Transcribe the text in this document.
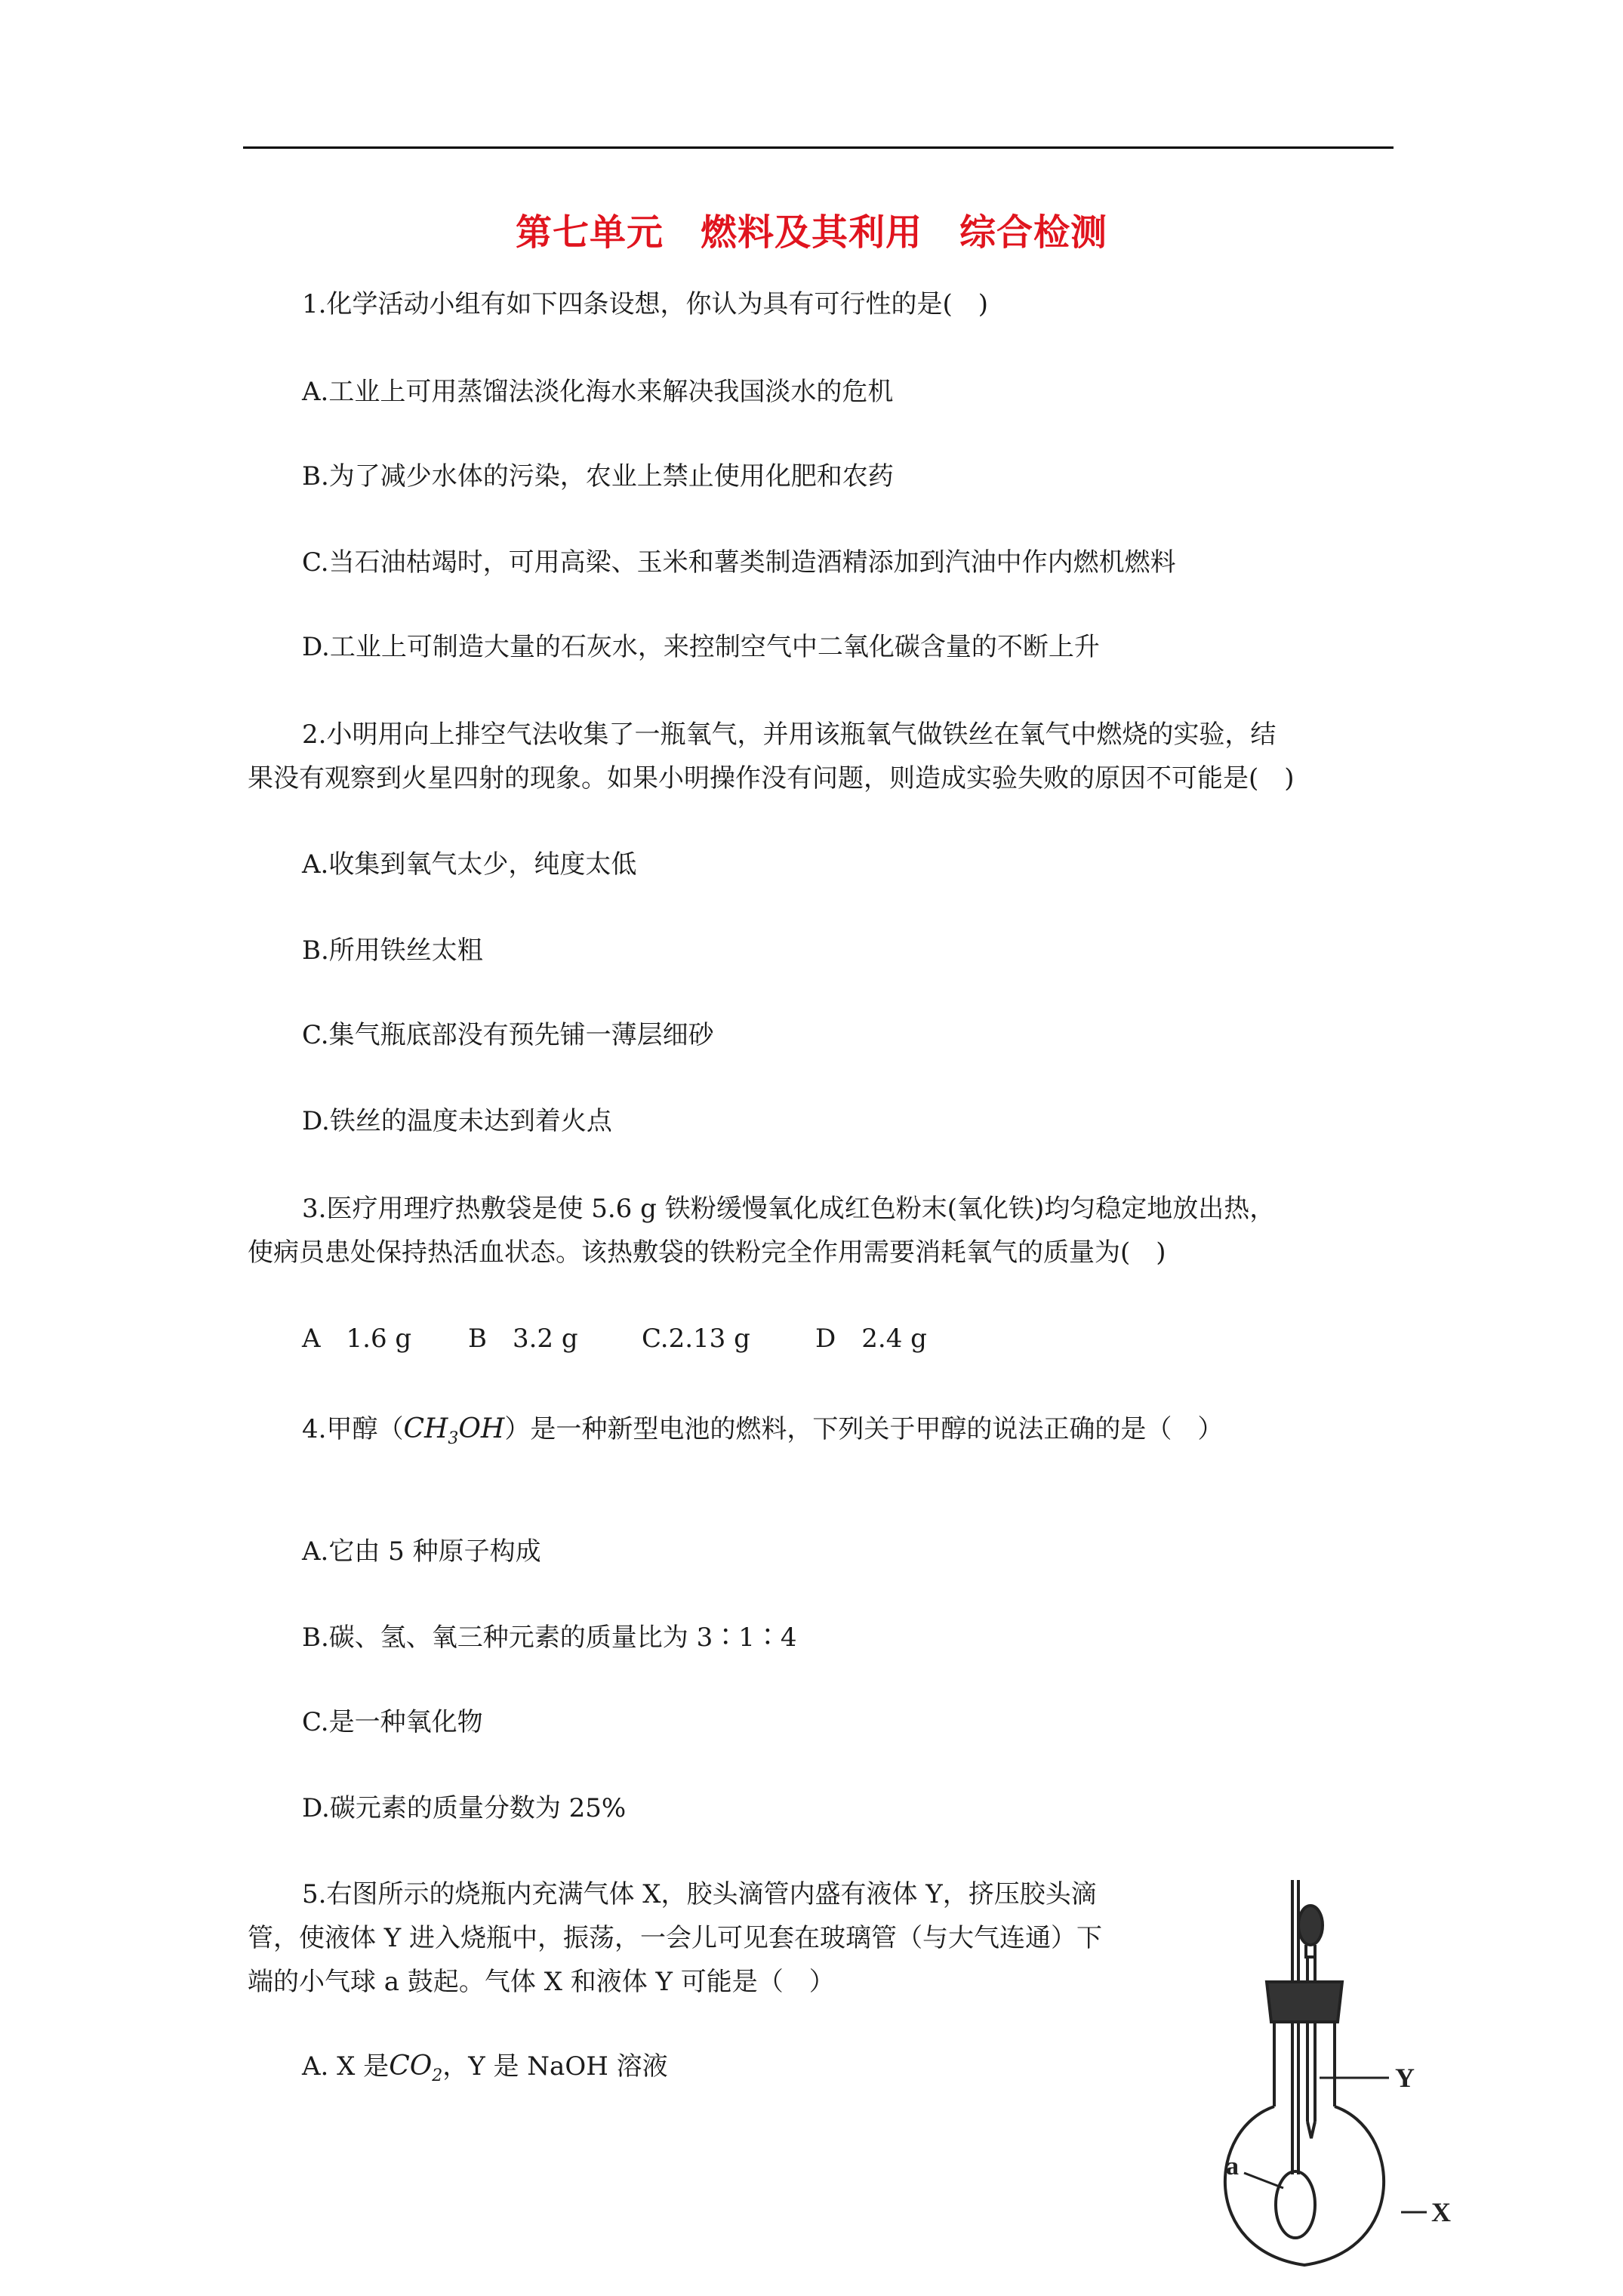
第七单元　燃料及其利用　综合检测
1.化学活动小组有如下四条设想，你认为具有可行性的是(　)
A.工业上可用蒸馏法淡化海水来解决我国淡水的危机
B.为了减少水体的污染，农业上禁止使用化肥和农药
C.当石油枯竭时，可用高梁、玉米和薯类制造酒精添加到汽油中作内燃机燃料
D.工业上可制造大量的石灰水，来控制空气中二氧化碳含量的不断上升
2.小明用向上排空气法收集了一瓶氧气，并用该瓶氧气做铁丝在氧气中燃烧的实验，结
果没有观察到火星四射的现象。如果小明操作没有问题，则造成实验失败的原因不可能是(　)
A.收集到氧气太少，纯度太低
B.所用铁丝太粗
C.集气瓶底部没有预先铺一薄层细砂
D.铁丝的温度未达到着火点
3.医疗用理疗热敷袋是使 5.6 g 铁粉缓慢氧化成红色粉末(氧化铁)均匀稳定地放出热，
使病员患处保持热活血状态。该热敷袋的铁粉完全作用需要消耗氧气的质量为(　)
A　1.6 g B　3.2 g C.2.13 g	D　2.4 g
4.甲醇$(CH_3OH)$是一种新型电池的燃料，下列关于甲醇的说法正确的是（　）
A.它由 5 种原子构成
B.碳、氢、氧三种元素的质量比为 3∶1∶4
C.是一种氧化物
D.碳元素的质量分数为 25%
5.右图所示的烧瓶内充满气体 X，胶头滴管内盛有液体 Y，挤压胶头滴
管，使液体 Y 进入烧瓶中，振荡，一会儿可见套在玻璃管（与大气连通）下
端的小气球 a 鼓起。气体 X 和液体 Y 可能是（　）
A. X 是$CO_2$，Y 是 NaOH 溶液	Y
a
X
